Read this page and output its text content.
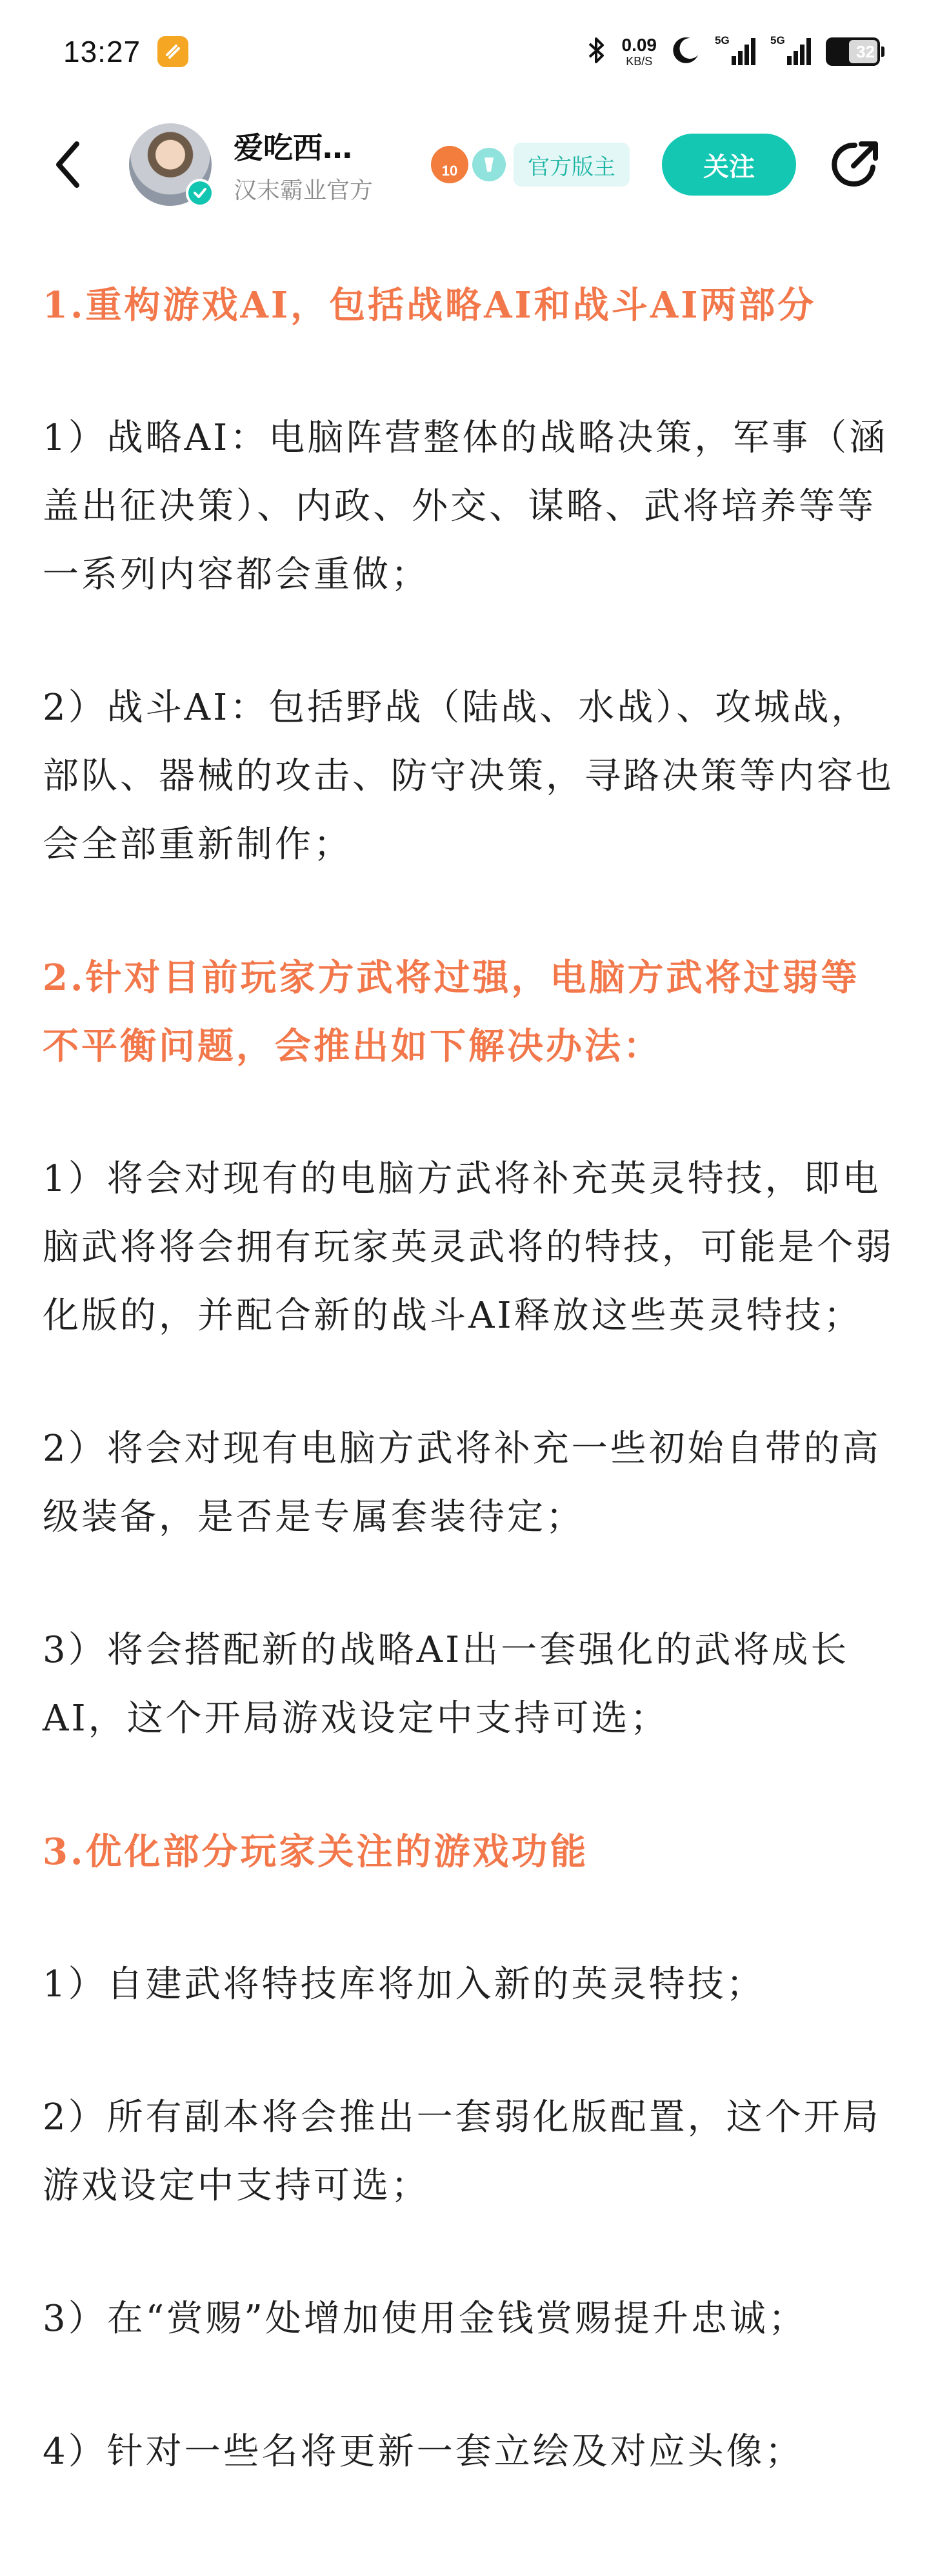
13:27	0.09
KB/S
5G	5G
32
爱吃西…
汉末霸业官方
10	官方版主	关注

1.重构游戏AI，包括战略AI和战斗AI两部分

1）战略AI：电脑阵营整体的战略决策，军事（涵盖出征决策）、内政、外交、谋略、武将培养等等一系列内容都会重做；

2）战斗AI：包括野战（陆战、水战）、攻城战，部队、器械的攻击、防守决策，寻路决策等内容也会全部重新制作；

2.针对目前玩家方武将过强，电脑方武将过弱等不平衡问题，会推出如下解决办法：

1）将会对现有的电脑方武将补充英灵特技，即电脑武将将会拥有玩家英灵武将的特技，可能是个弱化版的，并配合新的战斗AI释放这些英灵特技；

2）将会对现有电脑方武将补充一些初始自带的高级装备，是否是专属套装待定；

3）将会搭配新的战略AI出一套强化的武将成长AI，这个开局游戏设定中支持可选；

3.优化部分玩家关注的游戏功能

1）自建武将特技库将加入新的英灵特技；

2）所有副本将会推出一套弱化版配置，这个开局游戏设定中支持可选；

3）在“赏赐”处增加使用金钱赏赐提升忠诚；

4）针对一些名将更新一套立绘及对应头像；
